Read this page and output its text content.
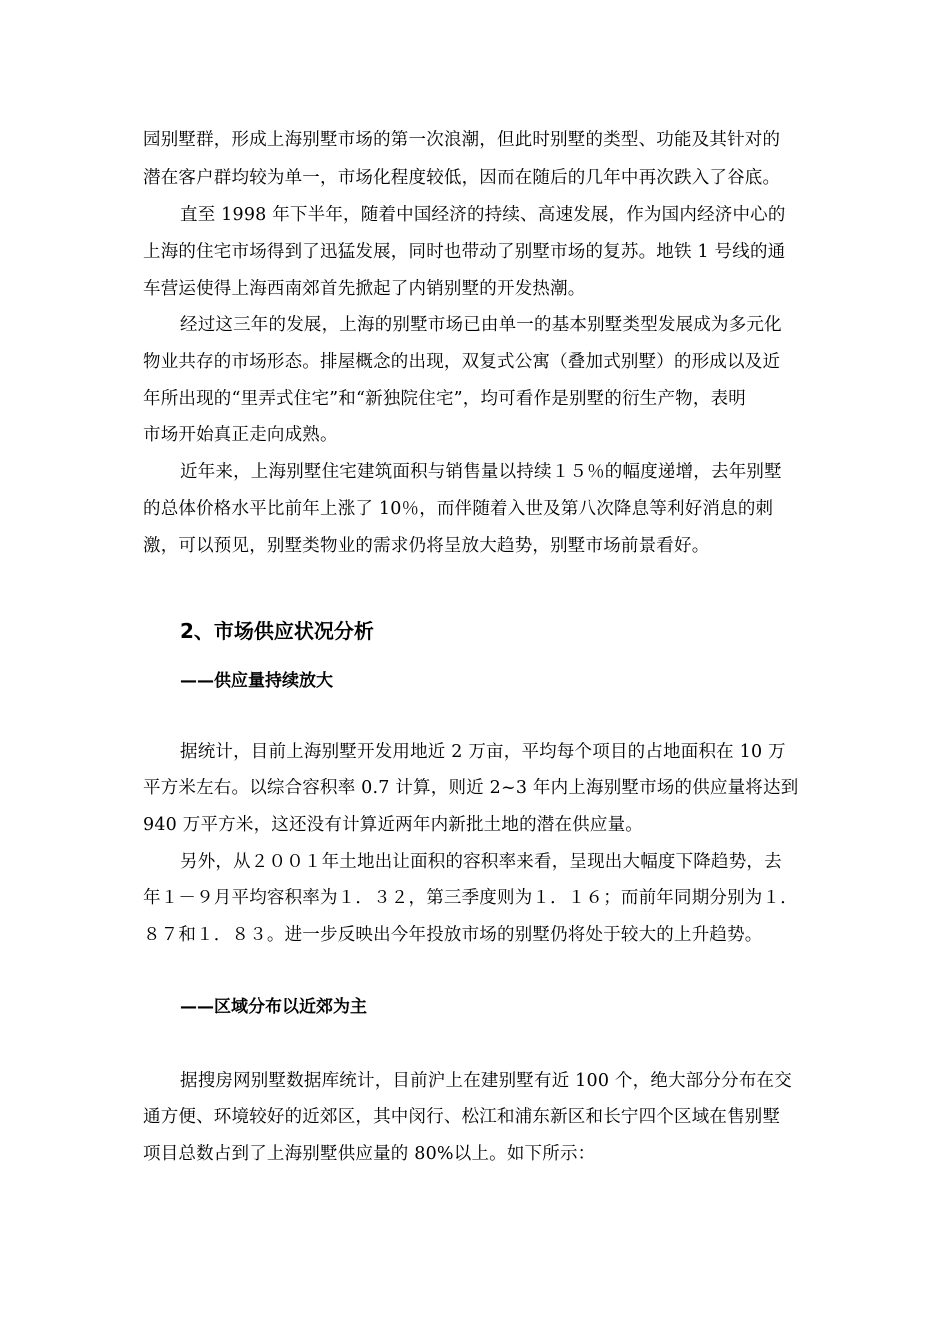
园别墅群，形成上海别墅市场的第一次浪潮，但此时别墅的类型、功能及其针对的
潜在客户群均较为单一，市场化程度较低，因而在随后的几年中再次跌入了谷底。
直至 1998 年下半年，随着中国经济的持续、高速发展，作为国内经济中心的
上海的住宅市场得到了迅猛发展，同时也带动了别墅市场的复苏。地铁 1 号线的通
车营运使得上海西南郊首先掀起了内销别墅的开发热潮。
经过这三年的发展，上海的别墅市场已由单一的基本别墅类型发展成为多元化
物业共存的市场形态。排屋概念的出现，双复式公寓（叠加式别墅）的形成以及近
年所出现的“里弄式住宅”和“新独院住宅”，均可看作是别墅的衍生产物，表明
市场开始真正走向成熟。
近年来，上海别墅住宅建筑面积与销售量以持续１５％的幅度递增，去年别墅
的总体价格水平比前年上涨了 10％，而伴随着入世及第八次降息等利好消息的刺
激，可以预见，别墅类物业的需求仍将呈放大趋势，别墅市场前景看好。
2、市场供应状况分析
——供应量持续放大
据统计，目前上海别墅开发用地近 2 万亩，平均每个项目的占地面积在 10 万
平方米左右。以综合容积率 0.7 计算，则近 2~3 年内上海别墅市场的供应量将达到
940 万平方米，这还没有计算近两年内新批土地的潜在供应量。
另外，从２００１年土地出让面积的容积率来看，呈现出大幅度下降趋势，去
年１－９月平均容积率为１．３２，第三季度则为１．１６；而前年同期分别为１．
８７和１．８３。进一步反映出今年投放市场的别墅仍将处于较大的上升趋势。
——区域分布以近郊为主
据搜房网别墅数据库统计，目前沪上在建别墅有近 100 个，绝大部分分布在交
通方便、环境较好的近郊区，其中闵行、松江和浦东新区和长宁四个区域在售别墅
项目总数占到了上海别墅供应量的 80%以上。如下所示：
